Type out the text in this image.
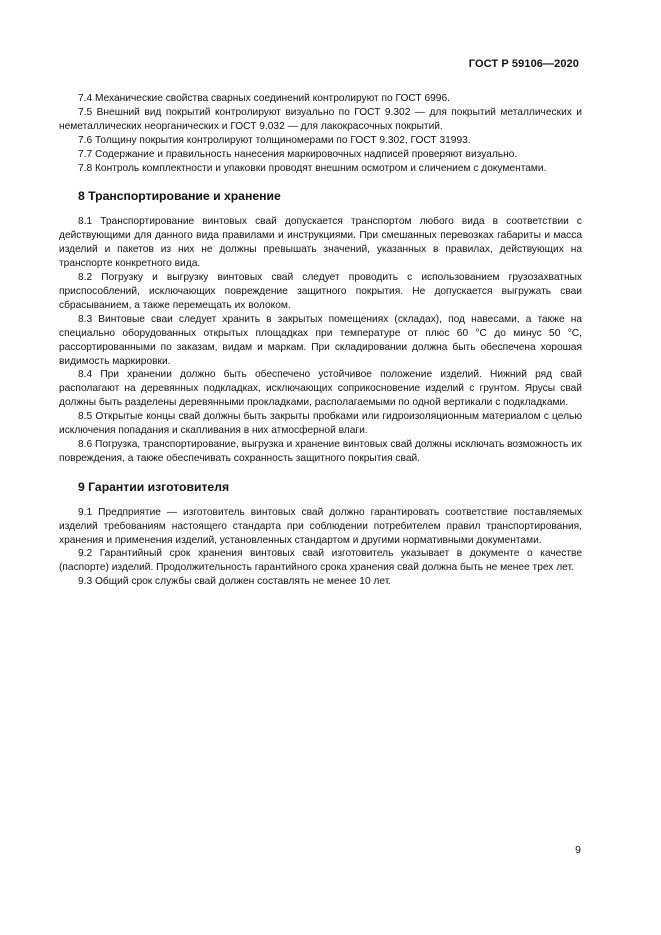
ГОСТ Р 59106—2020

7.4 Механические свойства сварных соединений контролируют по ГОСТ 6996.

7.5 Внешний вид покрытий контролируют визуально по ГОСТ 9.302 — для покрытий металлических и неметаллических неорганических и ГОСТ 9.032 — для лакокрасочных покрытий.

7.6 Толщину покрытия контролируют толщиномерами по ГОСТ 9.302, ГОСТ 31993.

7.7 Содержание и правильность нанесения маркировочных надписей проверяют визуально.

7.8 Контроль комплектности и упаковки проводят внешним осмотром и сличением с документами.

8 Транспортирование и хранение

8.1 Транспортирование винтовых свай допускается транспортом любого вида в соответствии с действующими для данного вида правилами и инструкциями. При смешанных перевозках габариты и масса изделий и пакетов из них не должны превышать значений, указанных в правилах, действующих на транспорте конкретного вида.

8.2 Погрузку и выгрузку винтовых свай следует проводить с использованием грузозахватных приспособлений, исключающих повреждение защитного покрытия. Не допускается выгружать сваи сбрасыванием, а также перемещать их волоком.

8.3 Винтовые сваи следует хранить в закрытых помещениях (складах), под навесами, а также на специально оборудованных открытых площадках при температуре от плюс 60 °С до минус 50 °С, рассортированными по заказам, видам и маркам. При складировании должна быть обеспечена хорошая видимость маркировки.

8.4 При хранении должно быть обеспечено устойчивое положение изделий. Нижний ряд свай располагают на деревянных подкладках, исключающих соприкосновение изделий с грунтом. Ярусы свай должны быть разделены деревянными прокладками, располагаемыми по одной вертикали с подкладками.

8.5 Открытые концы свай должны быть закрыты пробками или гидроизоляционным материалом с целью исключения попадания и скапливания в них атмосферной влаги.

8.6 Погрузка, транспортирование, выгрузка и хранение винтовых свай должны исключать возможность их повреждения, а также обеспечивать сохранность защитного покрытия свай.

9 Гарантии изготовителя

9.1 Предприятие — изготовитель винтовых свай должно гарантировать соответствие поставляемых изделий требованиям настоящего стандарта при соблюдении потребителем правил транспортирования, хранения и применения изделий, установленных стандартом и другими нормативными документами.

9.2 Гарантийный срок хранения винтовых свай изготовитель указывает в документе о качестве (паспорте) изделий. Продолжительность гарантийного срока хранения свай должна быть не менее трех лет.

9.3 Общий срок службы свай должен составлять не менее 10 лет.

9
